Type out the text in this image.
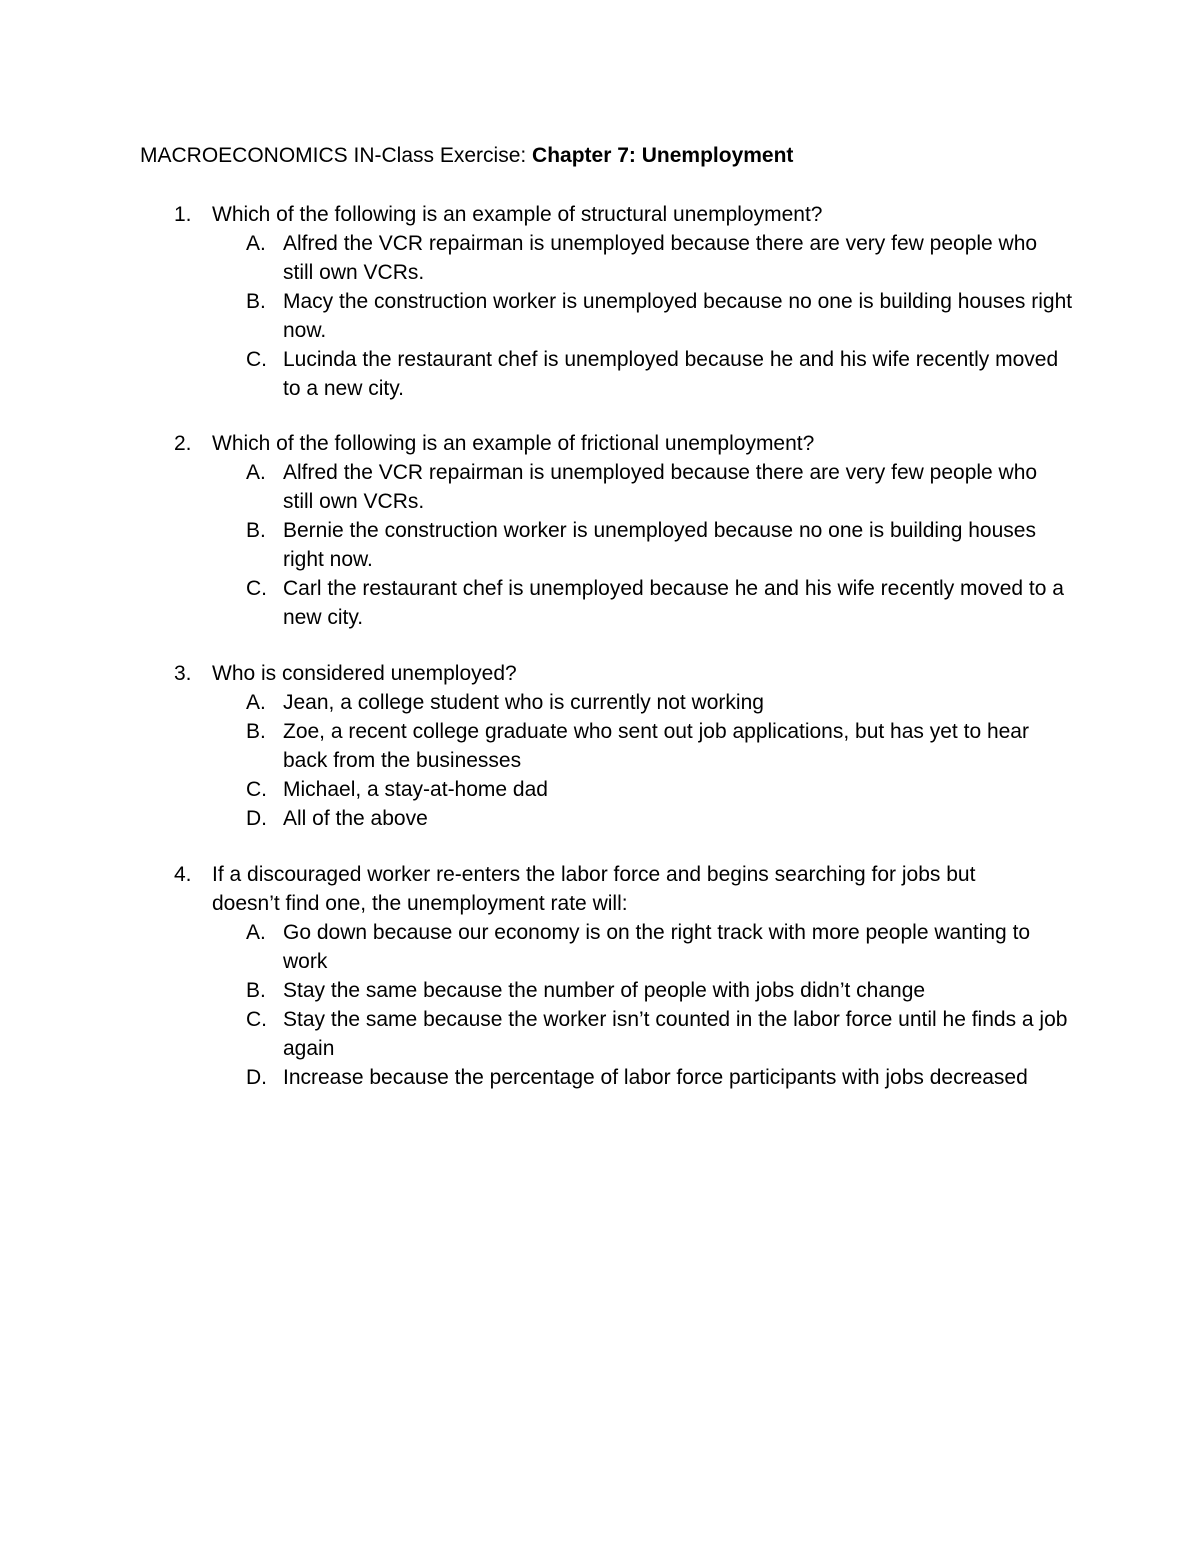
MACROECONOMICS IN-Class Exercise: Chapter 7: Unemployment
1. Which of the following is an example of structural unemployment?
A. Alfred the VCR repairman is unemployed because there are very few people who still own VCRs.
B. Macy the construction worker is unemployed because no one is building houses right now.
C. Lucinda the restaurant chef is unemployed because he and his wife recently moved to a new city.
2. Which of the following is an example of frictional unemployment?
A. Alfred the VCR repairman is unemployed because there are very few people who still own VCRs.
B. Bernie the construction worker is unemployed because no one is building houses right now.
C. Carl the restaurant chef is unemployed because he and his wife recently moved to a new city.
3. Who is considered unemployed?
A. Jean, a college student who is currently not working
B. Zoe, a recent college graduate who sent out job applications, but has yet to hear back from the businesses
C. Michael, a stay-at-home dad
D. All of the above
4. If a discouraged worker re-enters the labor force and begins searching for jobs but
doesn’t find one, the unemployment rate will:
A. Go down because our economy is on the right track with more people wanting to work
B. Stay the same because the number of people with jobs didn’t change
C. Stay the same because the worker isn’t counted in the labor force until he finds a job again
D. Increase because the percentage of labor force participants with jobs decreased
